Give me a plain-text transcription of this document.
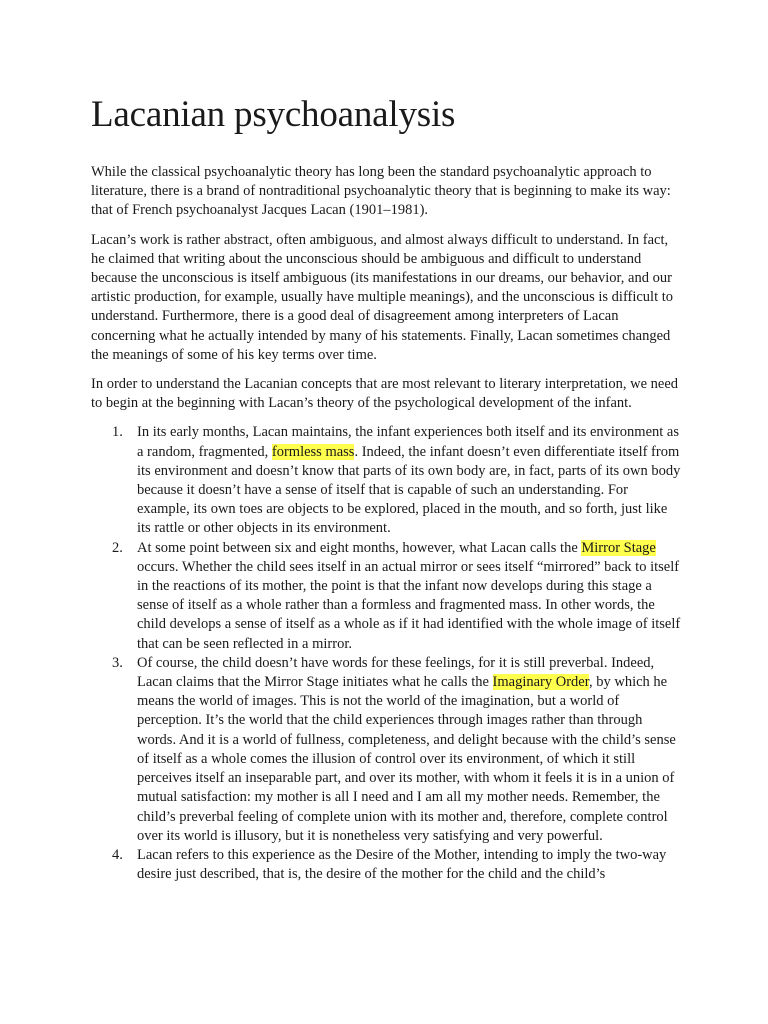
Lacanian psychoanalysis

While the classical psychoanalytic theory has long been the standard psychoanalytic approach to literature, there is a brand of nontraditional psychoanalytic theory that is beginning to make its way: that of French psychoanalyst Jacques Lacan (1901–1981).

Lacan’s work is rather abstract, often ambiguous, and almost always difficult to understand. In fact, he claimed that writing about the unconscious should be ambiguous and difficult to understand because the unconscious is itself ambiguous (its manifestations in our dreams, our behavior, and our artistic production, for example, usually have multiple meanings), and the unconscious is difficult to understand. Furthermore, there is a good deal of disagreement among interpreters of Lacan concerning what he actually intended by many of his statements. Finally, Lacan sometimes changed the meanings of some of his key terms over time.

In order to understand the Lacanian concepts that are most relevant to literary interpretation, we need to begin at the beginning with Lacan’s theory of the psychological development of the infant.

1. In its early months, Lacan maintains, the infant experiences both itself and its environment as a random, fragmented, formless mass. Indeed, the infant doesn’t even differentiate itself from its environment and doesn’t know that parts of its own body are, in fact, parts of its own body because it doesn’t have a sense of itself that is capable of such an understanding. For example, its own toes are objects to be explored, placed in the mouth, and so forth, just like its rattle or other objects in its environment.
2. At some point between six and eight months, however, what Lacan calls the Mirror Stage occurs. Whether the child sees itself in an actual mirror or sees itself “mirrored” back to itself in the reactions of its mother, the point is that the infant now develops during this stage a sense of itself as a whole rather than a formless and fragmented mass. In other words, the child develops a sense of itself as a whole as if it had identified with the whole image of itself that can be seen reflected in a mirror.
3. Of course, the child doesn’t have words for these feelings, for it is still preverbal. Indeed, Lacan claims that the Mirror Stage initiates what he calls the Imaginary Order, by which he means the world of images. This is not the world of the imagination, but a world of perception. It’s the world that the child experiences through images rather than through words. And it is a world of fullness, completeness, and delight because with the child’s sense of itself as a whole comes the illusion of control over its environment, of which it still perceives itself an inseparable part, and over its mother, with whom it feels it is in a union of mutual satisfaction: my mother is all I need and I am all my mother needs. Remember, the child’s preverbal feeling of complete union with its mother and, therefore, complete control over its world is illusory, but it is nonetheless very satisfying and very powerful.
4. Lacan refers to this experience as the Desire of the Mother, intending to imply the two-way desire just described, that is, the desire of the mother for the child and the child’s
